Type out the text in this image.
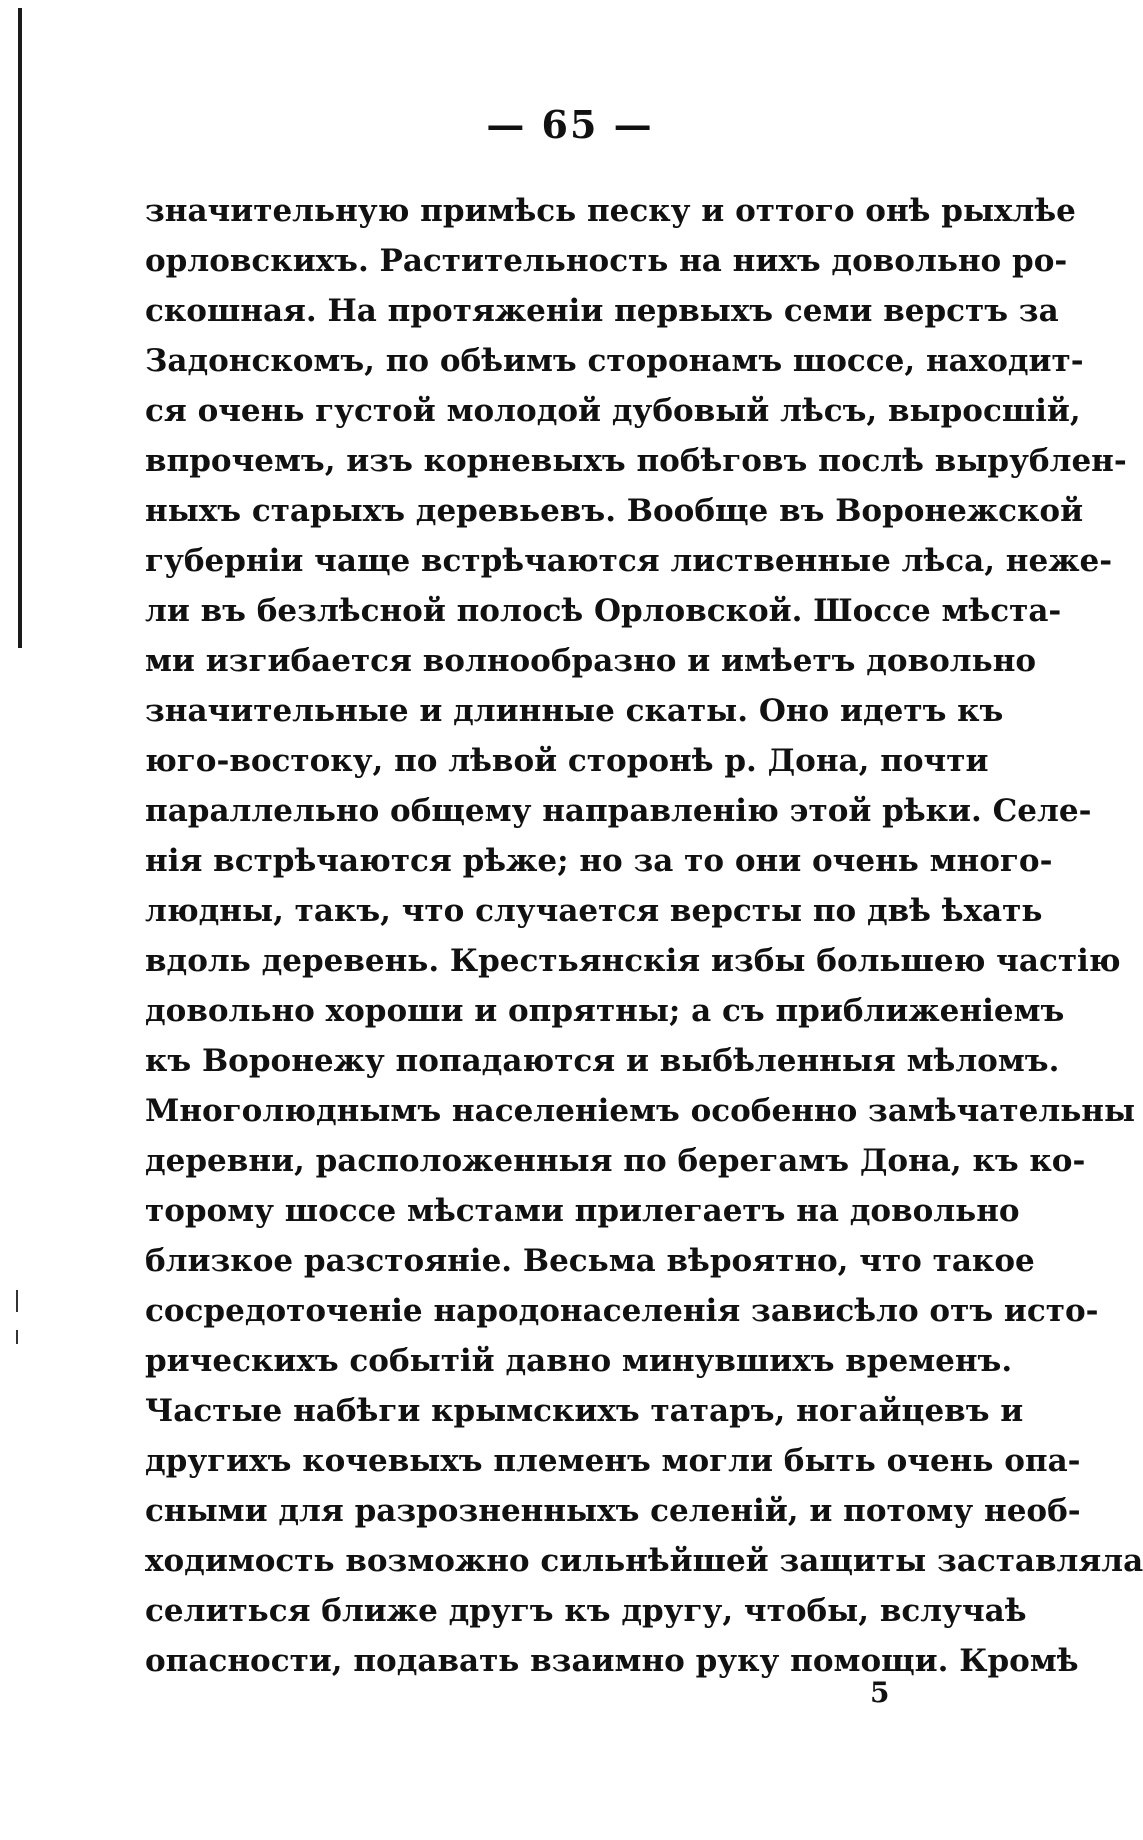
— 65 —
значительную примѣсь песку и оттого онѣ рыхлѣе
орловскихъ. Растительность на нихъ довольно ро-
скошная. На протяженіи первыхъ семи верстъ за
Задонскомъ, по обѣимъ сторонамъ шоссе, находит-
ся очень густой молодой дубовый лѣсъ, выросшій,
впрочемъ, изъ корневыхъ побѣговъ послѣ вырублен-
ныхъ старыхъ деревьевъ. Вообще въ Воронежской
губерніи чаще встрѣчаются лиственные лѣса, нeже-
ли въ безлѣсной полосѣ Орловской. Шоссе мѣста-
ми изгибается волнообразно и имѣетъ довольно
значительные и длинные скаты. Оно идетъ къ
юго-востоку, по лѣвой сторонѣ р. Дона, почти
параллельно общему направленію этой рѣки. Селе-
нія встрѣчаются рѣже; но за то они очень много-
людны, такъ, что случается версты по двѣ ѣхать
вдоль деревень. Крестьянскія избы большею частію
довольно хороши и опрятны; а съ приближеніемъ
къ Воронежу попадаются и выбѣленныя мѣломъ.
Многолюднымъ населеніемъ особенно замѣчательны
деревни, расположенныя по берегамъ Дона, къ ко-
торому шоссе мѣстами прилегаетъ на довольно
близкое разстояніе. Весьма вѣроятно, что такое
сосредоточеніе народонаселенія зависѣло отъ исто-
рическихъ событій давно минувшихъ временъ.
Частые набѣги крымскихъ татаръ, ногайцевъ и
другихъ кочевыхъ племенъ могли быть очень опа-
сными для разрозненныхъ селеній, и потому необ-
ходимость возможно сильнѣйшей защиты заставляла
селиться ближе другъ къ другу, чтобы, вслучаѣ
опасности, подавать взаимно руку помощи. Кромѣ
5
